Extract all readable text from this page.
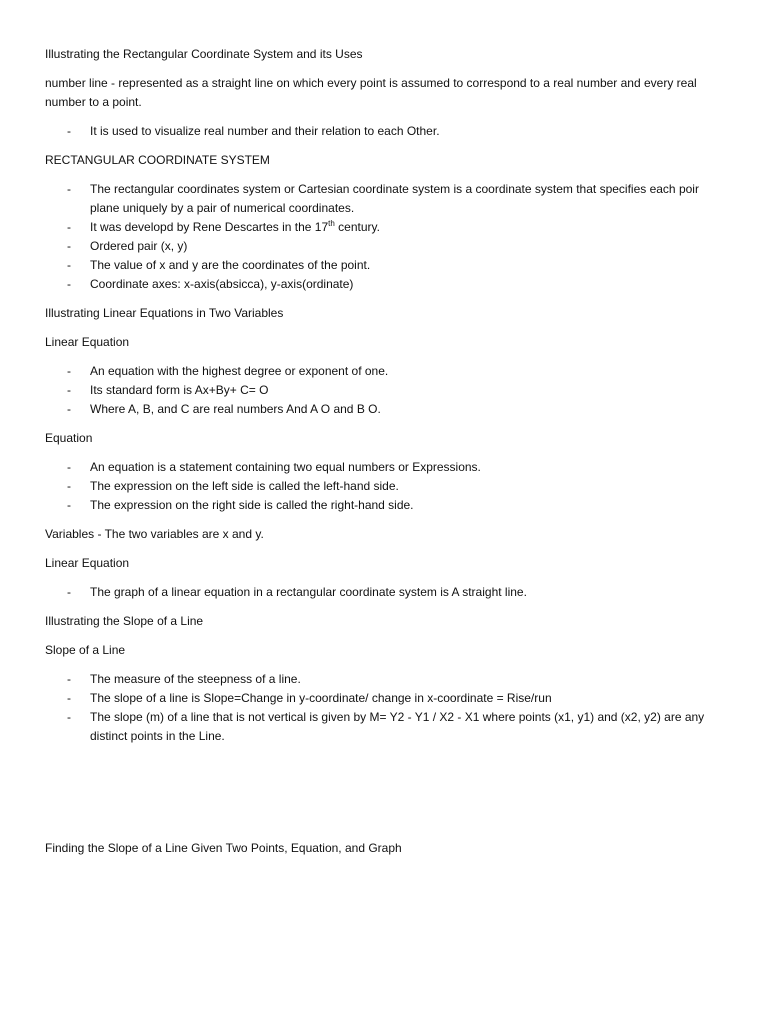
Illustrating the Rectangular Coordinate System and its Uses

number line - represented as a straight line on which every point is assumed to correspond to a real number and every real number to a point.

- It is used to visualize real number and their relation to each Other.

RECTANGULAR COORDINATE SYSTEM

- The rectangular coordinates system or Cartesian coordinate system is a coordinate system that specifies each poir plane uniquely by a pair of numerical coordinates.
- It was developd by Rene Descartes in the 17th century.
- Ordered pair (x, y)
- The value of x and y are the coordinates of the point.
- Coordinate axes: x-axis(absicca), y-axis(ordinate)

Illustrating Linear Equations in Two Variables

Linear Equation

- An equation with the highest degree or exponent of one.
- Its standard form is Ax+By+ C= O
- Where A, B, and C are real numbers And A O and B O.

Equation

- An equation is a statement containing two equal numbers or Expressions.
- The expression on the left side is called the left-hand side.
- The expression on the right side is called the right-hand side.

Variables - The two variables are x and y.

Linear Equation

- The graph of a linear equation in a rectangular coordinate system is A straight line.

Illustrating the Slope of a Line

Slope of a Line

- The measure of the steepness of a line.
- The slope of a line is Slope=Change in y-coordinate/ change in x-coordinate = Rise/run
- The slope (m) of a line that is not vertical is given by M= Y2 - Y1 / X2 - X1 where points (x1, y1) and (x2, y2) are any distinct points in the Line.

Finding the Slope of a Line Given Two Points, Equation, and Graph
